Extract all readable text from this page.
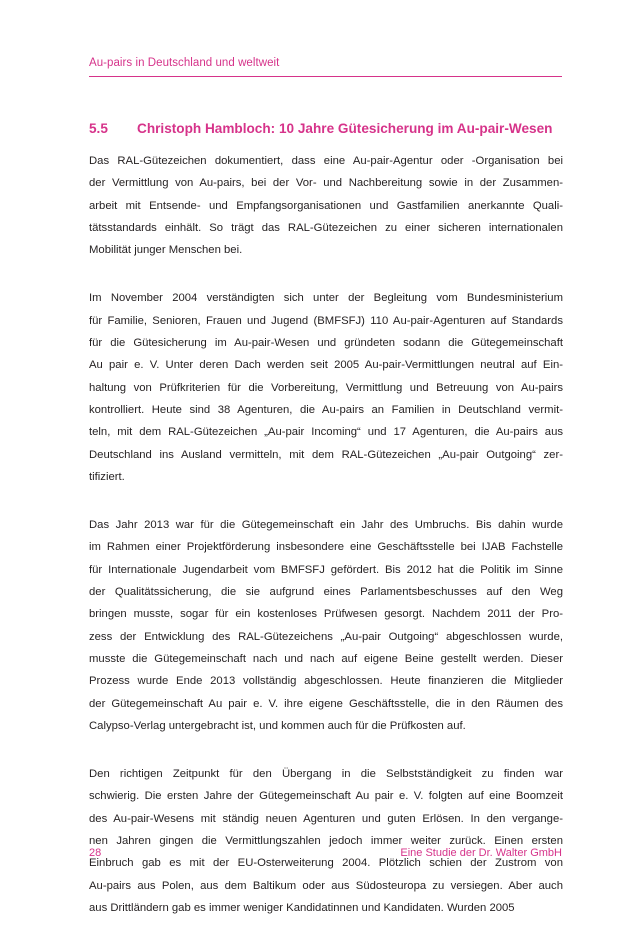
Au-pairs in Deutschland und weltweit
5.5 Christoph Hambloch: 10 Jahre Gütesicherung im Au-pair-Wesen
Das RAL-Gütezeichen dokumentiert, dass eine Au-pair-Agentur oder -Organisation bei
der Vermittlung von Au-pairs, bei der Vor- und Nachbereitung sowie in der Zusammen-
arbeit mit Entsende- und Empfangsorganisationen und Gastfamilien anerkannte Quali-
tätsstandards einhält. So trägt das RAL-Gütezeichen zu einer sicheren internationalen
Mobilität junger Menschen bei.
Im November 2004 verständigten sich unter der Begleitung vom Bundesministerium
für Familie, Senioren, Frauen und Jugend (BMFSFJ) 110 Au-pair-Agenturen auf Standards
für die Gütesicherung im Au-pair-Wesen und gründeten sodann die Gütegemeinschaft
Au pair e. V. Unter deren Dach werden seit 2005 Au-pair-Vermittlungen neutral auf Ein-
haltung von Prüfkriterien für die Vorbereitung, Vermittlung und Betreuung von Au-pairs
kontrolliert. Heute sind 38 Agenturen, die Au-pairs an Familien in Deutschland vermit-
teln, mit dem RAL-Gütezeichen „Au-pair Incoming“ und 17 Agenturen, die Au-pairs aus
Deutschland ins Ausland vermitteln, mit dem RAL-Gütezeichen „Au-pair Outgoing“ zer-
tifiziert.
Das Jahr 2013 war für die Gütegemeinschaft ein Jahr des Umbruchs. Bis dahin wurde
im Rahmen einer Projektförderung insbesondere eine Geschäftsstelle bei IJAB Fachstelle
für Internationale Jugendarbeit vom BMFSFJ gefördert. Bis 2012 hat die Politik im Sinne
der Qualitätssicherung, die sie aufgrund eines Parlamentsbeschusses auf den Weg
bringen musste, sogar für ein kostenloses Prüfwesen gesorgt. Nachdem 2011 der Pro-
zess der Entwicklung des RAL-Gütezeichens „Au-pair Outgoing“ abgeschlossen wurde,
musste die Gütegemeinschaft nach und nach auf eigene Beine gestellt werden. Dieser
Prozess wurde Ende 2013 vollständig abgeschlossen. Heute finanzieren die Mitglieder
der Gütegemeinschaft Au pair e. V. ihre eigene Geschäftsstelle, die in den Räumen des
Calypso-Verlag untergebracht ist, und kommen auch für die Prüfkosten auf.
Den richtigen Zeitpunkt für den Übergang in die Selbstständigkeit zu finden war
schwierig. Die ersten Jahre der Gütegemeinschaft Au pair e. V. folgten auf eine Boomzeit
des Au-pair-Wesens mit ständig neuen Agenturen und guten Erlösen. In den vergange-
nen Jahren gingen die Vermittlungszahlen jedoch immer weiter zurück. Einen ersten
Einbruch gab es mit der EU-Osterweiterung 2004. Plötzlich schien der Zustrom von
Au-pairs aus Polen, aus dem Baltikum oder aus Südosteuropa zu versiegen. Aber auch
aus Drittländern gab es immer weniger Kandidatinnen und Kandidaten. Wurden 2005
28	Eine Studie der Dr. Walter GmbH
